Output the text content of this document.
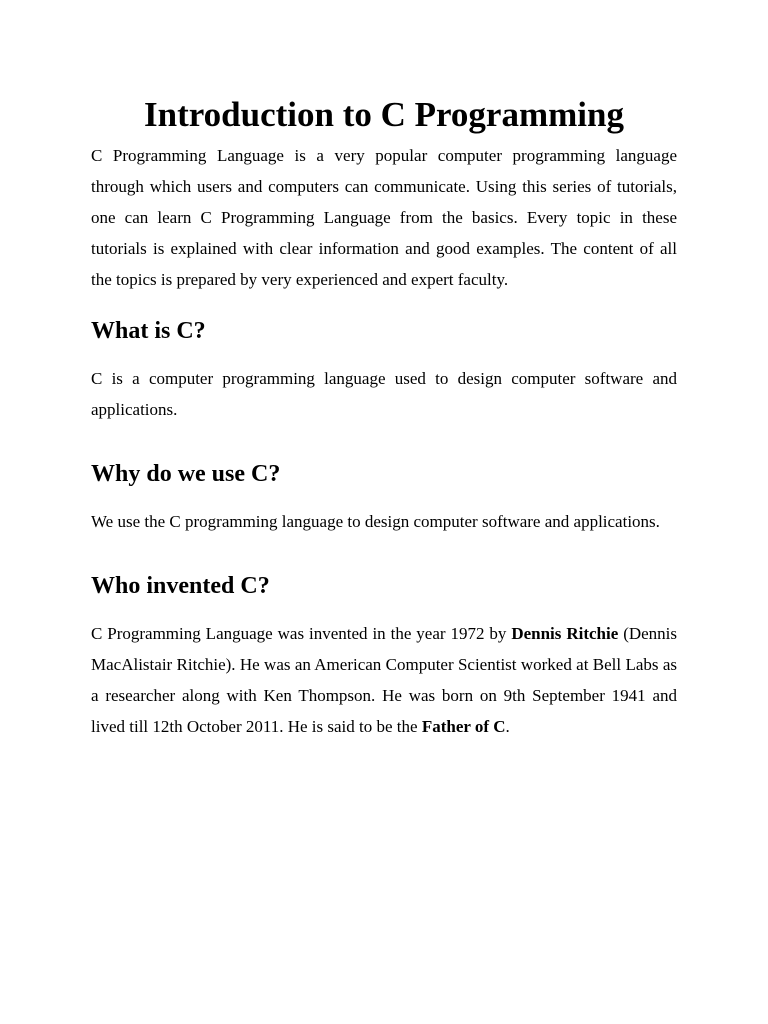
Introduction to C Programming

C Programming Language is a very popular computer programming language through which users and computers can communicate. Using this series of tutorials, one can learn C Programming Language from the basics. Every topic in these tutorials is explained with clear information and good examples. The content of all the topics is prepared by very experienced and expert faculty.

What is C?

C is a computer programming language used to design computer software and applications.

Why do we use C?

We use the C programming language to design computer software and applications.

Who invented C?

C Programming Language was invented in the year 1972 by Dennis Ritchie (Dennis MacAlistair Ritchie). He was an American Computer Scientist worked at Bell Labs as a researcher along with Ken Thompson. He was born on 9th September 1941 and lived till 12th October 2011. He is said to be the Father of C.
